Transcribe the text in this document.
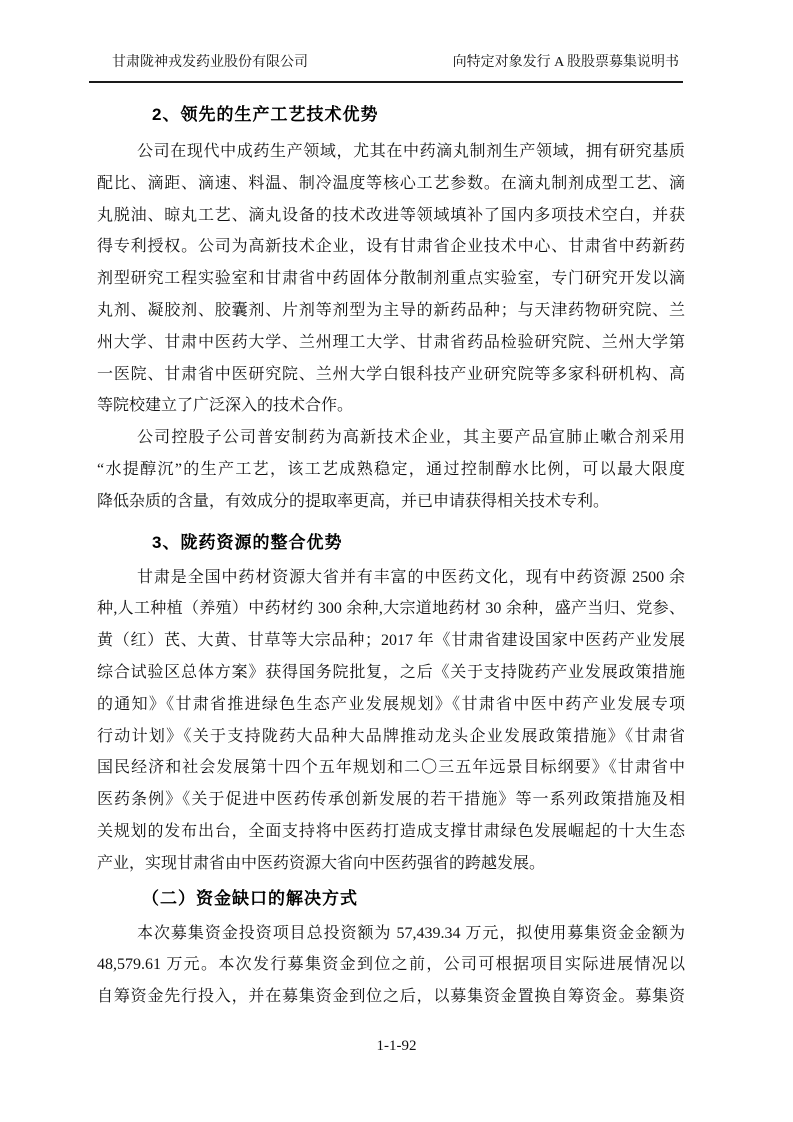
甘肃陇神戎发药业股份有限公司	向特定对象发行 A 股股票募集说明书
2、领先的生产工艺技术优势
公司在现代中成药生产领域，尤其在中药滴丸制剂生产领域，拥有研究基质
配比、滴距、滴速、料温、制冷温度等核心工艺参数。在滴丸制剂成型工艺、滴
丸脱油、晾丸工艺、滴丸设备的技术改进等领域填补了国内多项技术空白，并获
得专利授权。公司为高新技术企业，设有甘肃省企业技术中心、甘肃省中药新药
剂型研究工程实验室和甘肃省中药固体分散制剂重点实验室，专门研究开发以滴
丸剂、凝胶剂、胶囊剂、片剂等剂型为主导的新药品种；与天津药物研究院、兰
州大学、甘肃中医药大学、兰州理工大学、甘肃省药品检验研究院、兰州大学第
一医院、甘肃省中医研究院、兰州大学白银科技产业研究院等多家科研机构、高
等院校建立了广泛深入的技术合作。
公司控股子公司普安制药为高新技术企业，其主要产品宣肺止嗽合剂采用
“水提醇沉”的生产工艺，该工艺成熟稳定，通过控制醇水比例，可以最大限度
降低杂质的含量，有效成分的提取率更高，并已申请获得相关技术专利。
3、陇药资源的整合优势
甘肃是全国中药材资源大省并有丰富的中医药文化，现有中药资源 2500 余
种,人工种植（养殖）中药材约 300 余种,大宗道地药材 30 余种，盛产当归、党参、
黄（红）芪、大黄、甘草等大宗品种；2017 年《甘肃省建设国家中医药产业发展
综合试验区总体方案》获得国务院批复，之后《关于支持陇药产业发展政策措施
的通知》《甘肃省推进绿色生态产业发展规划》《甘肃省中医中药产业发展专项
行动计划》《关于支持陇药大品种大品牌推动龙头企业发展政策措施》《甘肃省
国民经济和社会发展第十四个五年规划和二〇三五年远景目标纲要》《甘肃省中
医药条例》《关于促进中医药传承创新发展的若干措施》等一系列政策措施及相
关规划的发布出台，全面支持将中医药打造成支撑甘肃绿色发展崛起的十大生态
产业，实现甘肃省由中医药资源大省向中医药强省的跨越发展。
（二）资金缺口的解决方式
本次募集资金投资项目总投资额为 57,439.34 万元，拟使用募集资金金额为
48,579.61 万元。本次发行募集资金到位之前，公司可根据项目实际进展情况以
自筹资金先行投入，并在募集资金到位之后，以募集资金置换自筹资金。募集资
1-1-92
